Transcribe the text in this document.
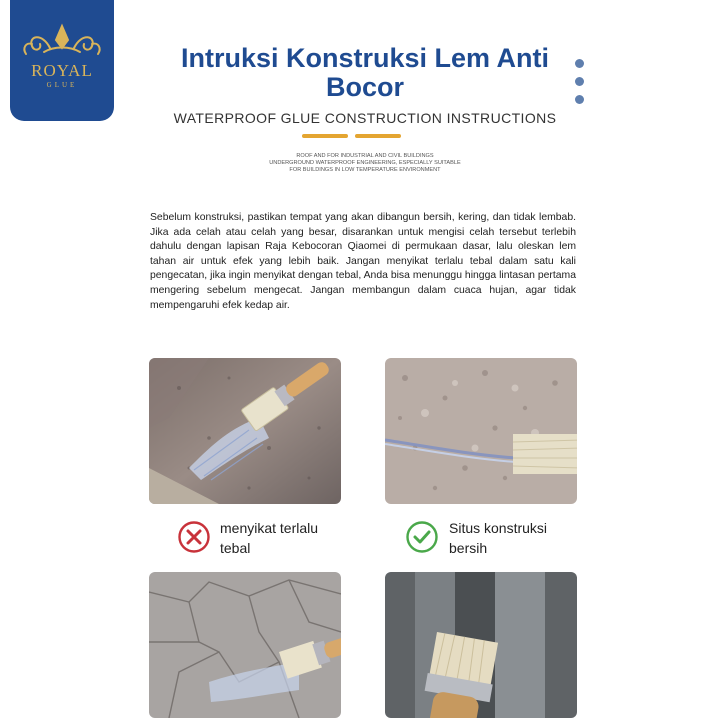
ROYAL
GLUE
Intruksi Konstruksi Lem Anti Bocor

WATERPROOF GLUE CONSTRUCTION INSTRUCTIONS

ROOF AND FOR INDUSTRIAL AND CIVIL BUILDINGS
UNDERGROUND WATERPROOF ENGINEERING, ESPECIALLY SUITABLE
FOR BUILDINGS IN LOW TEMPERATURE ENVIRONMENT

Sebelum konstruksi, pastikan tempat yang akan dibangun bersih, kering, dan tidak lembab. Jika ada celah atau celah yang besar, disarankan untuk mengisi celah tersebut terlebih dahulu dengan lapisan Raja Kebocoran Qiaomei di permukaan dasar, lalu oleskan lem tahan air untuk efek yang lebih baik. Jangan menyikat terlalu tebal dalam satu kali pengecatan, jika ingin menyikat dengan tebal, Anda bisa menunggu hingga lintasan pertama mengering sebelum mengecat. Jangan membangun dalam cuaca hujan, agar tidak mempengaruhi efek kedap air.

menyikat terlalu
tebal

Situs konstruksi
bersih
